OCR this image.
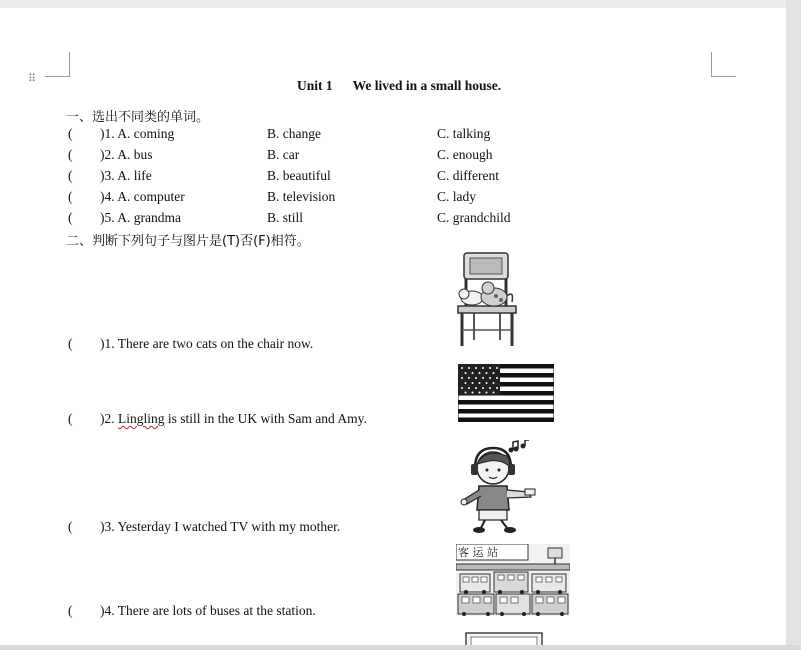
⠿	Unit 1      We lived in a small house.
一、选出不同类的单词。
( )1. A. coming	B. change	C. talking
( )2. A. bus	B. car	C. enough
( )3. A. life	B. beautiful	C. different
( )4. A. computer	B. television	C. lady
( )5. A. grandma	B. still	C. grandchild
二、判断下列句子与图片是(T)否(F)相符。
( )1. There are two cats on the chair now.
( )2. Lingling is still in the UK with Sam and Amy.
( )3. Yesterday I watched TV with my mother.
客 运 站
( )4. There are lots of buses at the station.
